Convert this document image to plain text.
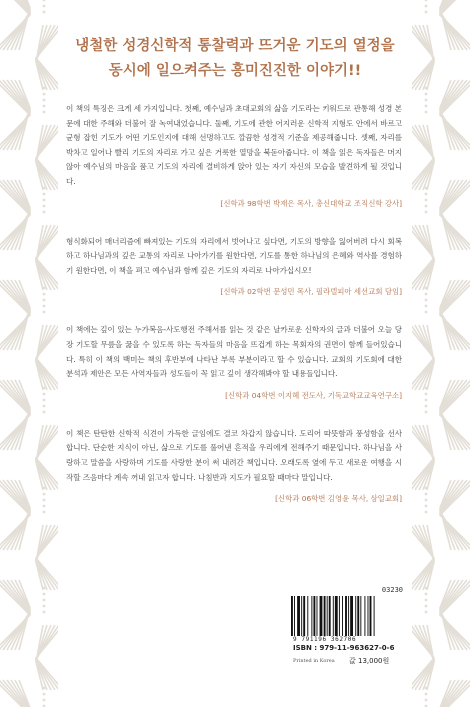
냉철한 성경신학적 통찰력과 뜨거운 기도의 열정을
동시에 일으켜주는 흥미진진한 이야기!!
이 책의 특징은 크게 세 가지입니다. 첫째, 예수님과 초대교회의 삶을 기도라는 키워드로 관통해 성경 본문에 대한 주해와 더불어 잘 녹여내었습니다. 둘째, 기도에 관한 어지러운 신학적 지형도 안에서 바르고 균형 잡힌 기도가 어떤 기도인지에 대해 선명하고도 깔끔한 성경적 기준을 제공해줍니다. 셋째, 자리를 박차고 일어나 빨리 기도의 자리로 가고 싶은 거룩한 열망을 북돋아줍니다. 이 책을 읽은 독자들은 머지않아 예수님의 마음을 품고 기도의 자리에 결비하게 앉아 있는 자기 자신의 모습을 발견하게 될 것입니다.
[신학과 98학번 박재은 목사, 총신대학교 조직신학 강사]
형식화되어 매너리즘에 빠져있는 기도의 자리에서 벗어나고 싶다면, 기도의 방향을 잃어버려 다시 회복하고 하나님과의 깊은 교통의 자리로 나아가기를 원한다면, 기도를 통한 하나님의 은혜와 역사를 경험하기 원한다면, 이 책을 펴고 예수님과 함께 깊은 기도의 자리로 나아가십시오!
[신학과 02학번 문성민 목사, 필라델피아 세선교회 담임]
이 책에는 깊이 있는 누가복음-사도행전 주해서를 읽는 것 같은 날카로운 신학자의 글과 더불어 오늘 당장 기도할 무릎을 꿇을 수 있도록 하는 독자들의 마음을 뜨겁게 하는 목회자의 권면이 함께 들어있습니다. 특히 이 책의 백미는 책의 후반부에 나타난 부록 부분이라고 할 수 있습니다. 교회의 기도회에 대한 분석과 제안은 모든 사역자들과 성도들이 꼭 읽고 깊이 생각해봐야 할 내용들입니다.
[신학과 04학번 이지혜 전도사, 기독교학교교육연구소]
이 책은 탄탄한 신학적 식견이 가득한 글임에도 결코 차갑지 않습니다. 도리어 따뜻함과 풍성함을 선사합니다. 단순한 지식이 아닌, 삶으로 기도를 풀어낸 흔적을 우리에게 전해주기 때문입니다. 하나님을 사랑하고 말씀을 사랑하며 기도를 사랑한 분이 써 내려간 책입니다. 오래도록 옆에 두고 새로운 여행을 시작할 즈음마다 계속 꺼내 읽고자 합니다. 나침반과 지도가 필요할 때마다 말입니다.
[신학과 06학번 김영윤 목사, 삼일교회]
03230
9 791196 362706
ISBN : 979-11-963627-0-6
Printed in Korea 값 13,000원
